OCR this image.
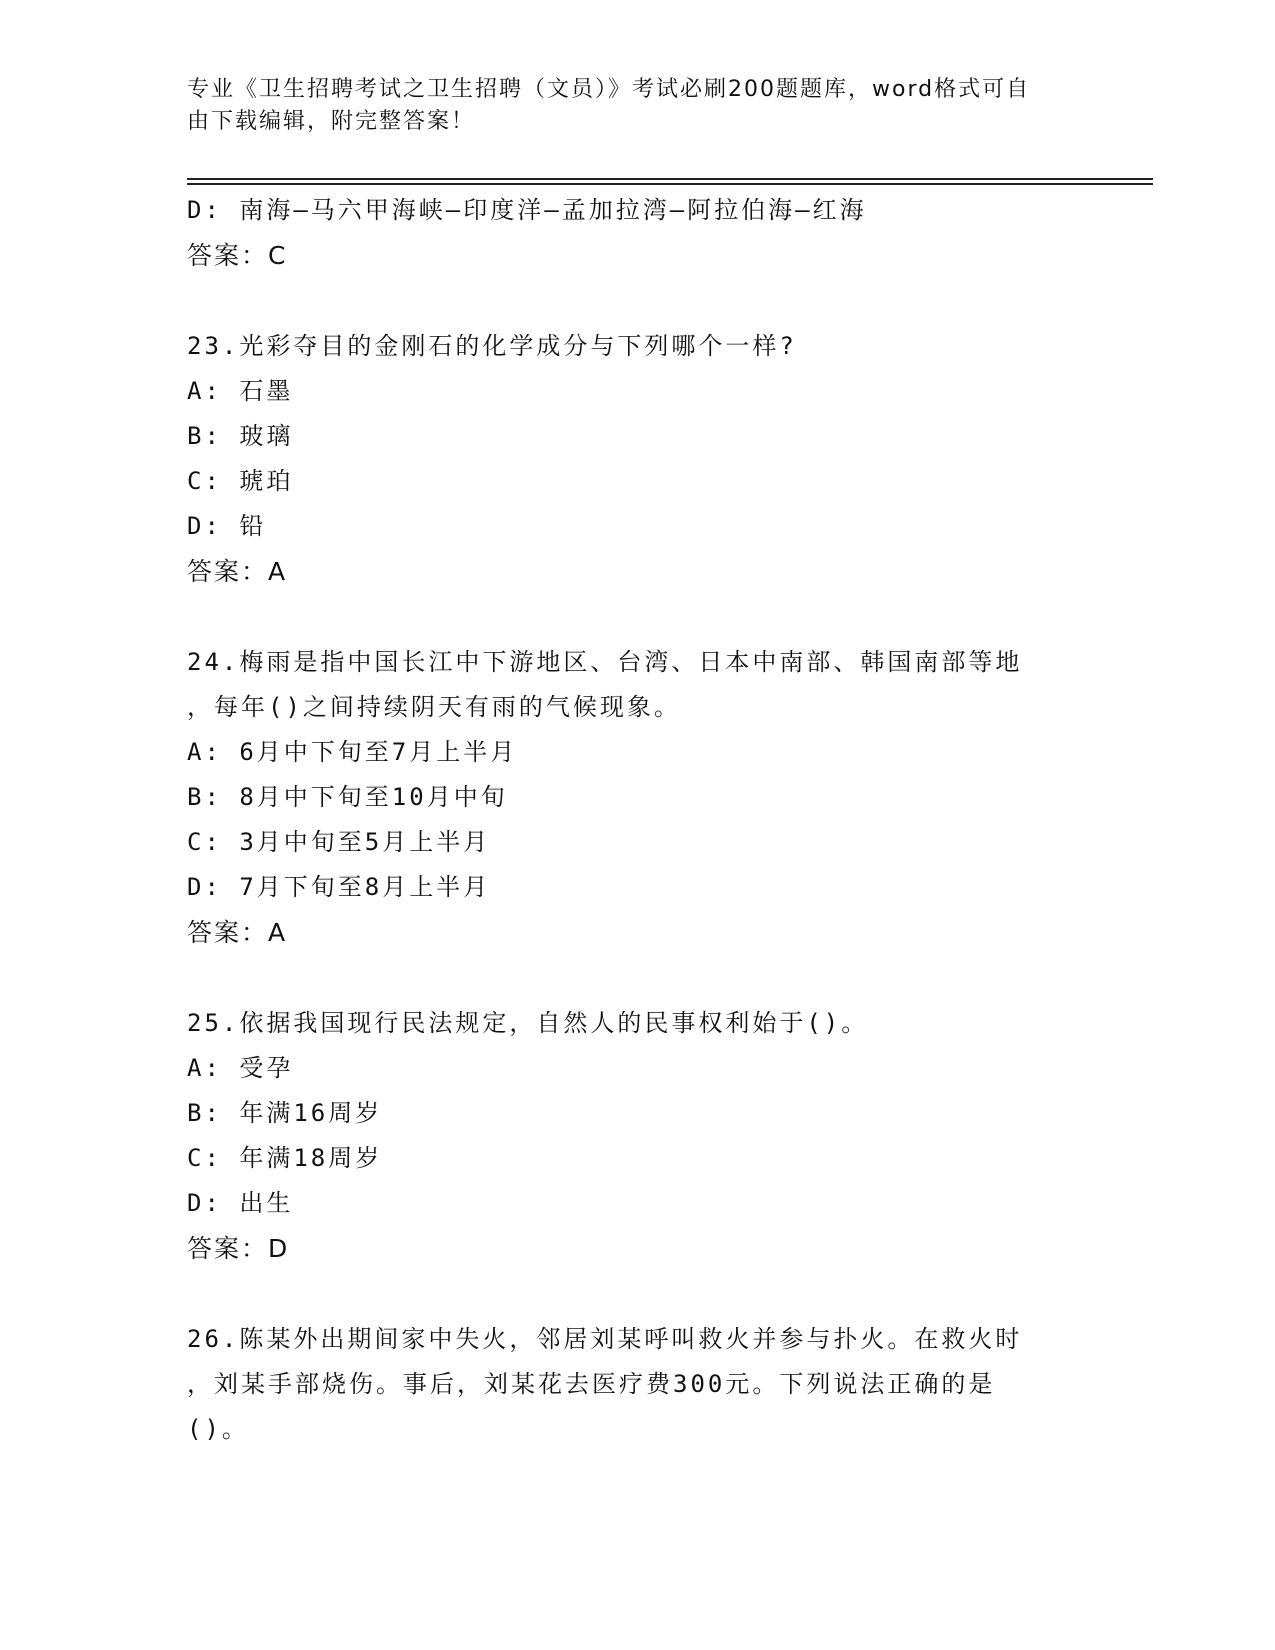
专业《卫生招聘考试之卫生招聘（文员）》考试必刷200题题库，word格式可自
由下载编辑，附完整答案！
D: 南海—马六甲海峡—印度洋—孟加拉湾—阿拉伯海—红海
答案：C
23.光彩夺目的金刚石的化学成分与下列哪个一样?
A: 石墨
B: 玻璃
C: 琥珀
D: 铅
答案：A
24.梅雨是指中国长江中下游地区、台湾、日本中南部、韩国南部等地
，每年()之间持续阴天有雨的气候现象。
A: 6月中下旬至7月上半月
B: 8月中下旬至10月中旬
C: 3月中旬至5月上半月
D: 7月下旬至8月上半月
答案：A
25.依据我国现行民法规定，自然人的民事权利始于()。
A: 受孕
B: 年满16周岁
C: 年满18周岁
D: 出生
答案：D
26.陈某外出期间家中失火，邻居刘某呼叫救火并参与扑火。在救火时
，刘某手部烧伤。事后，刘某花去医疗费300元。下列说法正确的是
()。
